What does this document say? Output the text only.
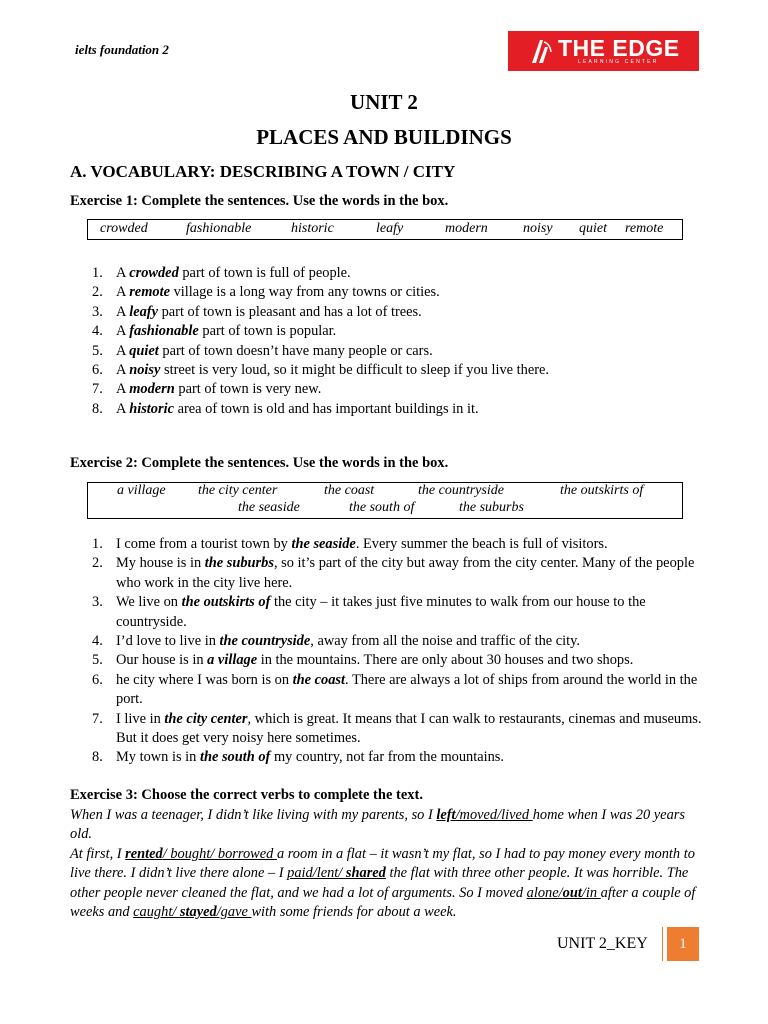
ielts foundation 2	THE EDGE
LEARNING CENTER
UNIT 2
PLACES AND BUILDINGS
A. VOCABULARY: DESCRIBING A TOWN / CITY
Exercise 1: Complete the sentences. Use the words in the box.
crowded	fashionable	historic	leafy	modern	noisy quiet remote
1. A crowded part of town is full of people.
2. A remote village is a long way from any towns or cities.
3. A leafy part of town is pleasant and has a lot of trees.
4. A fashionable part of town is popular.
5. A quiet part of town doesn’t have many people or cars.
6. A noisy street is very loud, so it might be difficult to sleep if you live there.
7. A modern part of town is very new.
8. A historic area of town is old and has important buildings in it.
Exercise 2: Complete the sentences. Use the words in the box.
a village the city center	the coast	the countryside	the outskirts of
the seaside	the south of	the suburbs
1. I come from a tourist town by the seaside. Every summer the beach is full of visitors.
2. My house is in the suburbs, so it’s part of the city but away from the city center. Many of the people who work in the city live here.
3. We live on the outskirts of the city – it takes just five minutes to walk from our house to the countryside.
4. I’d love to live in the countryside, away from all the noise and traffic of the city.
5. Our house is in a village in the mountains. There are only about 30 houses and two shops.
6. he city where I was born is on the coast. There are always a lot of ships from around the world in the port.
7. I live in the city center, which is great. It means that I can walk to restaurants, cinemas and museums. But it does get very noisy here sometimes.
8. My town is in the south of my country, not far from the mountains.
Exercise 3: Choose the correct verbs to complete the text.
When I was a teenager, I didn’t like living with my parents, so I left/moved/lived home when I was 20 years old.
At first, I rented/ bought/ borrowed a room in a flat – it wasn’t my flat, so I had to pay money every month to live there. I didn’t live there alone – I paid/lent/ shared the flat with three other people. It was horrible. The other people never cleaned the flat, and we had a lot of arguments. So I moved alone/out/in after a couple of weeks and caught/ stayed/gave with some friends for about a week.
UNIT 2_KEY	1
